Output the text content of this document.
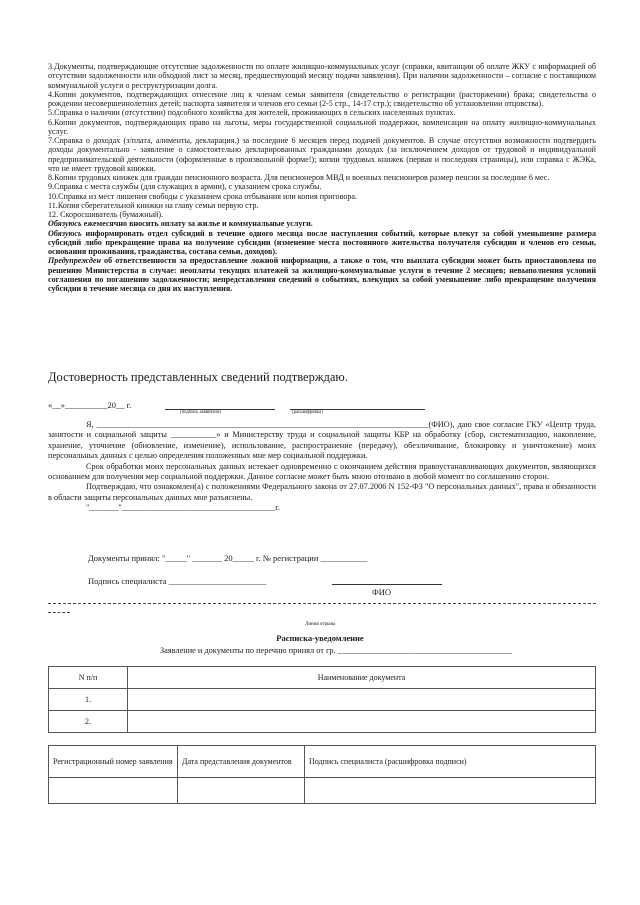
3.Документы, подтверждающие отсутствие задолженности по оплате жилищно-коммунальных услуг (справки, квитанции об оплате ЖКУ с информацией об отсутствии задолженности или обходной лист за месяц, предшествующий месяцу подачи заявления). При наличии задолженности – согласие с поставщиком коммунальной услуги о реструктуризации долга.

4.Копии документов, подтверждающих отнесение лиц к членам семьи заявителя (свидетельство о регистрации (расторжении) брака; свидетельства о рождении несовершеннолетних детей; паспорта заявителя и членов его семьи (2-5 стр., 14-17 стр.); свидетельство об установлении отцовства).

5.Справка о наличии (отсутствии) подсобного хозяйства для жителей, проживающих в сельских населенных пунктах.

6.Копии документов, подтверждающих право на льготы, меры государственной социальной поддержки, компенсации на оплату жилищно-коммунальных услуг.

7.Справка о доходах (з/плата, алименты, декларация.) за последние 6 месяцев перед подачей документов. В случае отсутствия возможности подтвердить доходы документально - заявление о самостоятельно декларированных гражданами доходах (за исключением доходов от трудовой и индивидуальной предпринимательской деятельности (оформленные в произвольной форме!); копии трудовых книжек (первая и последняя страницы), или справка с ЖЭКа, что не имеет трудовой книжки.

8.Копии трудовых книжек для граждан пенсионного возраста. Для пенсионеров МВД и военных пенсионеров размер пенсии за последние 6 мес.

9.Справка с места службы (для служащих в армии), с указанием срока службы.

10.Справка из мест лишения свободы с указанием срока отбывания или копия приговора.

11.Копия сберегательной книжки на главу семьи первую стр.

12. Скоросшиватель (бумажный).

Обязуюсь ежемесячно вносить оплату за жилье и коммунальные услуги.

Обязуюсь информировать отдел субсидий в течение одного месяца после наступления событий, которые влекут за собой уменьшение размера субсидий либо прекращение права на получение субсидии (изменение места постоянного жительства получателя субсидии и членов его семьи, основания проживания, гражданства, состава семьи, доходов).

Предупрежден об ответственности за предоставление ложной информации, а также о том, что выплата субсидии может быть приостановлена по решению Министерства в случае: неоплаты текущих платежей за жилищно-коммунальные услуги в течение 2 месяцев; невыполнения условий соглашения по погашению задолженности; непредставления сведений о событиях, влекущих за собой уменьшение либо прекращение получения субсидии в течение месяца со дня их наступления.

Достоверность представленных сведений подтверждаю.
«__»__________20__ г.
(подпись заявителя)	(расшифровка)

Я, ________________________________________________________________________________(ФИО), даю свое согласие ГКУ «Центр труда, занятости и социальной защиты ___________» и Министерству труда и социальной защиты КБР на обработку (сбор, систематизацию, накопление, хранение, уточнение (обновление, изменение), использование, распространение (передачу), обезличивание, блокировку и уничтожение) моих персональных данных с целью определения положенных мне мер социальной поддержки.

Срок обработки моих персональных данных истекает одновременно с окончанием действия правоустанавливающих документов, являющихся основанием для получения мер социальной поддержки. Данное согласие может быть мною отозвано в любой момент по соглашению сторон.

Подтверждаю, что ознакомлен(а) с положениями Федерального закона от 27.07.2006 N 152-ФЗ "О персональных данных", права и обязанности в области защиты персональных данных мне разъяснены.

"_______"_____________________________________г.

Документы принял: "_____" _______ 20_____ г. № регистрации ___________
Подпись специалиста _______________________
ФИО
Линия отрыва
Расписка-уведомление
Заявление и документы по перечню принял от гр. __________________________________________
N п/п	Наименование документа
1.	
2.	
Регистрационный номер заявления	Дата представления документов	Подпись специалиста (расшифровка подписи)
